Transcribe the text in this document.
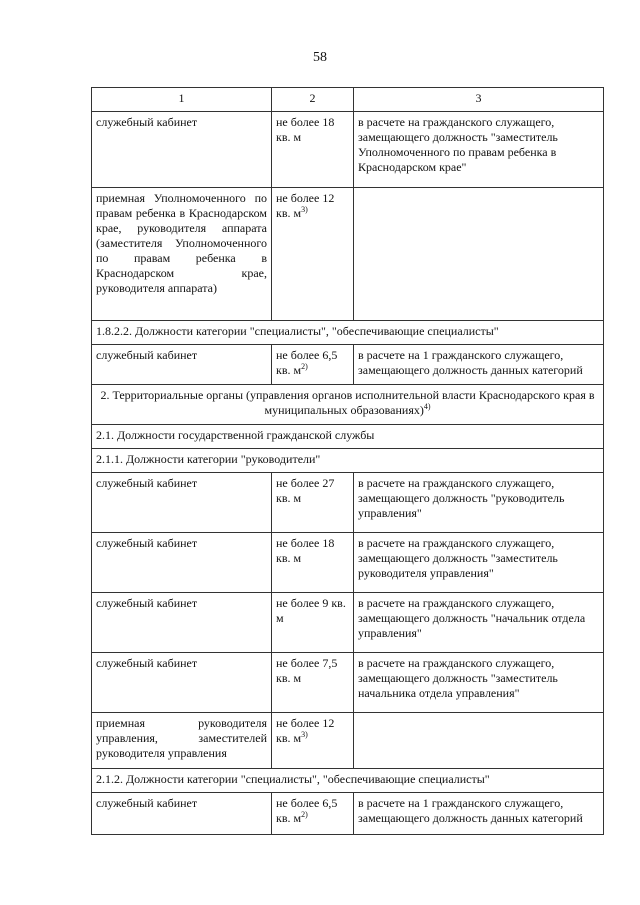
58
1	2	3
служебный кабинет	не более 18 кв. м	в расчете на гражданского служащего, замещающего должность "заместитель Уполномоченного по правам ребенка в Краснодарском крае"
приемная Уполномоченного по правам ребенка в Краснодарском крае, руководителя аппарата (заместителя Уполномоченного по правам ребенка в Краснодарском крае, руководителя аппарата)	не более 12 кв. $м^{3)}$	
1.8.2.2. Должности категории "специалисты", "обеспечивающие специалисты"		
служебный кабинет	не более 6,5 кв. $м^{2)}$	в расчете на 1 гражданского служащего, замещающего должность данных категорий
2. Территориальные органы (управления органов исполнительной власти Краснодарского края в муниципальных образованиях)$^{4)}$
2.1. Должности государственной гражданской службы		
2.1.1. Должности категории "руководители"		
служебный кабинет	не более 27 кв. м	в расчете на гражданского служащего, замещающего должность "руководитель управления"
служебный кабинет	не более 18 кв. м	в расчете на гражданского служащего, замещающего должность "заместитель руководителя управления"
служебный кабинет	не более 9 кв. м	в расчете на гражданского служащего, замещающего должность "начальник отдела управления"
служебный кабинет	не более 7,5 кв. м	в расчете на гражданского служащего, замещающего должность "заместитель начальника отдела управления"
приемная руководителя управления, заместителей руководителя управления	не более 12 кв. $м^{3)}$	
2.1.2. Должности категории "специалисты", "обеспечивающие специалисты"		
служебный кабинет	не более 6,5 кв. $м^{2)}$	в расчете на 1 гражданского служащего, замещающего должность данных категорий
